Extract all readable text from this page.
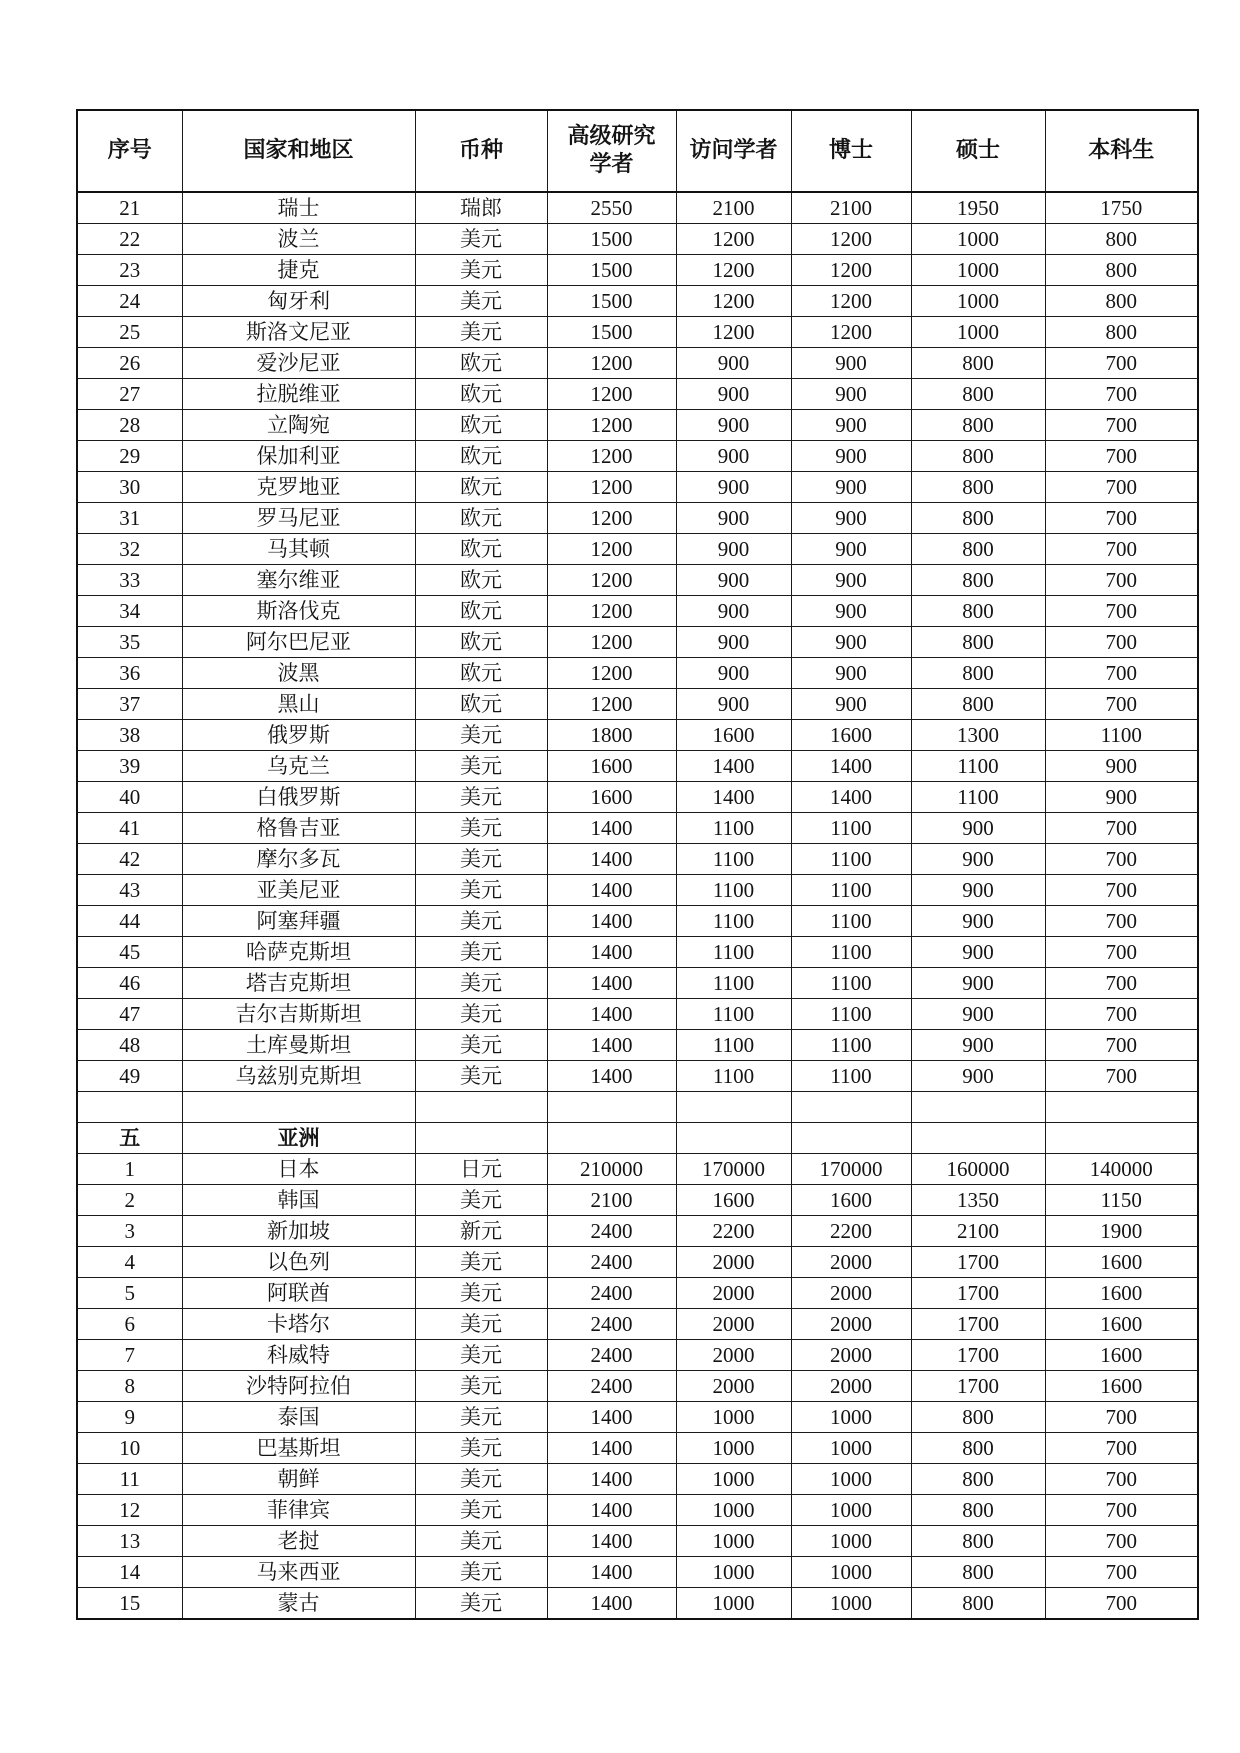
序号	国家和地区	币种	高级研究学者	访问学者	博士	硕士	本科生
21	瑞士	瑞郎	2550	2100	2100	1950	1750
22	波兰	美元	1500	1200	1200	1000	800
23	捷克	美元	1500	1200	1200	1000	800
24	匈牙利	美元	1500	1200	1200	1000	800
25	斯洛文尼亚	美元	1500	1200	1200	1000	800
26	爱沙尼亚	欧元	1200	900	900	800	700
27	拉脱维亚	欧元	1200	900	900	800	700
28	立陶宛	欧元	1200	900	900	800	700
29	保加利亚	欧元	1200	900	900	800	700
30	克罗地亚	欧元	1200	900	900	800	700
31	罗马尼亚	欧元	1200	900	900	800	700
32	马其顿	欧元	1200	900	900	800	700
33	塞尔维亚	欧元	1200	900	900	800	700
34	斯洛伐克	欧元	1200	900	900	800	700
35	阿尔巴尼亚	欧元	1200	900	900	800	700
36	波黑	欧元	1200	900	900	800	700
37	黑山	欧元	1200	900	900	800	700
38	俄罗斯	美元	1800	1600	1600	1300	1100
39	乌克兰	美元	1600	1400	1400	1100	900
40	白俄罗斯	美元	1600	1400	1400	1100	900
41	格鲁吉亚	美元	1400	1100	1100	900	700
42	摩尔多瓦	美元	1400	1100	1100	900	700
43	亚美尼亚	美元	1400	1100	1100	900	700
44	阿塞拜疆	美元	1400	1100	1100	900	700
45	哈萨克斯坦	美元	1400	1100	1100	900	700
46	塔吉克斯坦	美元	1400	1100	1100	900	700
47	吉尔吉斯斯坦	美元	1400	1100	1100	900	700
48	土库曼斯坦	美元	1400	1100	1100	900	700
49	乌兹别克斯坦	美元	1400	1100	1100	900	700

五	亚洲						
1	日本	日元	210000	170000	170000	160000	140000
2	韩国	美元	2100	1600	1600	1350	1150
3	新加坡	新元	2400	2200	2200	2100	1900
4	以色列	美元	2400	2000	2000	1700	1600
5	阿联酋	美元	2400	2000	2000	1700	1600
6	卡塔尔	美元	2400	2000	2000	1700	1600
7	科威特	美元	2400	2000	2000	1700	1600
8	沙特阿拉伯	美元	2400	2000	2000	1700	1600
9	泰国	美元	1400	1000	1000	800	700
10	巴基斯坦	美元	1400	1000	1000	800	700
11	朝鲜	美元	1400	1000	1000	800	700
12	菲律宾	美元	1400	1000	1000	800	700
13	老挝	美元	1400	1000	1000	800	700
14	马来西亚	美元	1400	1000	1000	800	700
15	蒙古	美元	1400	1000	1000	800	700
